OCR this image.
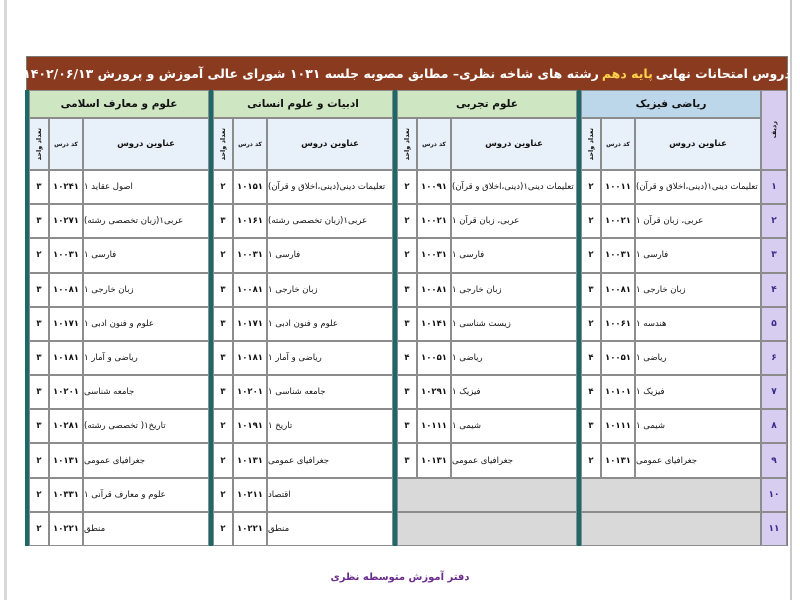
دروس امتحانات نهایی
پایه دهم
رشته های شاخه نظری– مطابق مصوبه جلسه ۱۰۳۱ شورای عالی آموزش و پرورش ۱۴۰۲/۰۶/۱۳
ردیف
۱
۲
۳
۴
۵
۶
۷
۸
۹
۱۰
۱۱
ریاضی فیزیک
عناوین دروس
کد درس
تعداد واحد
تعلیمات دینی۱(دینی،اخلاق و قرآن)
۱۰۰۱۱
۲
عربی، زبان قرآن ۱
۱۰۰۲۱
۲
فارسی ۱
۱۰۰۳۱
۲
زبان خارجی ۱
۱۰۰۸۱
۳
هندسه ۱
۱۰۰۶۱
۲
ریاضی ۱
۱۰۰۵۱
۴
فیزیک ۱
۱۰۱۰۱
۴
شیمی ۱
۱۰۱۱۱
۳
جغرافیای عمومی
۱۰۱۳۱
۲
علوم تجربی
عناوین دروس
کد درس
تعداد واحد
تعلیمات دینی۱(دینی،اخلاق و قرآن)
۱۰۰۹۱
۲
عربی، زبان قرآن ۱
۱۰۰۲۱
۲
فارسی ۱
۱۰۰۳۱
۲
زبان خارجی ۱
۱۰۰۸۱
۳
زیست شناسی ۱
۱۰۱۴۱
۳
ریاضی ۱
۱۰۰۵۱
۴
فیزیک ۱
۱۰۲۹۱
۳
شیمی ۱
۱۰۱۱۱
۳
جغرافیای عمومی
۱۰۱۳۱
۳
ادبیات و علوم انسانی
عناوین دروس
کد درس
تعداد واحد
تعلیمات دینی(دینی،اخلاق و قرآن)
۱۰۱۵۱
۲
عربی۱(زبان تخصصی رشته)
۱۰۱۶۱
۳
فارسی ۱
۱۰۰۳۱
۲
زبان خارجی ۱
۱۰۰۸۱
۳
علوم و فنون ادبی ۱
۱۰۱۷۱
۳
ریاضی و آمار ۱
۱۰۱۸۱
۳
جامعه شناسی ۱
۱۰۲۰۱
۳
تاریخ ۱
۱۰۱۹۱
۲
جغرافیای عمومی
۱۰۱۳۱
۲
اقتصاد
۱۰۲۱۱
۲
منطق
۱۰۲۲۱
۲
علوم و معارف اسلامی
عناوین دروس
کد درس
تعداد واحد
اصول عقاید ۱
۱۰۲۴۱
۳
عربی۱(زبان تخصصی رشته)
۱۰۲۷۱
۳
فارسی ۱
۱۰۰۳۱
۲
زبان خارجی ۱
۱۰۰۸۱
۳
علوم و فنون ادبی ۱
۱۰۱۷۱
۳
ریاضی و آمار ۱
۱۰۱۸۱
۳
جامعه شناسی
۱۰۲۰۱
۳
تاریخ۱( تخصصی رشته)
۱۰۲۸۱
۳
جغرافیای عمومی
۱۰۱۳۱
۲
علوم و معارف قرآنی ۱
۱۰۳۳۱
۲
منطق
۱۰۲۲۱
۲
دفتر آموزش متوسطه نظری
